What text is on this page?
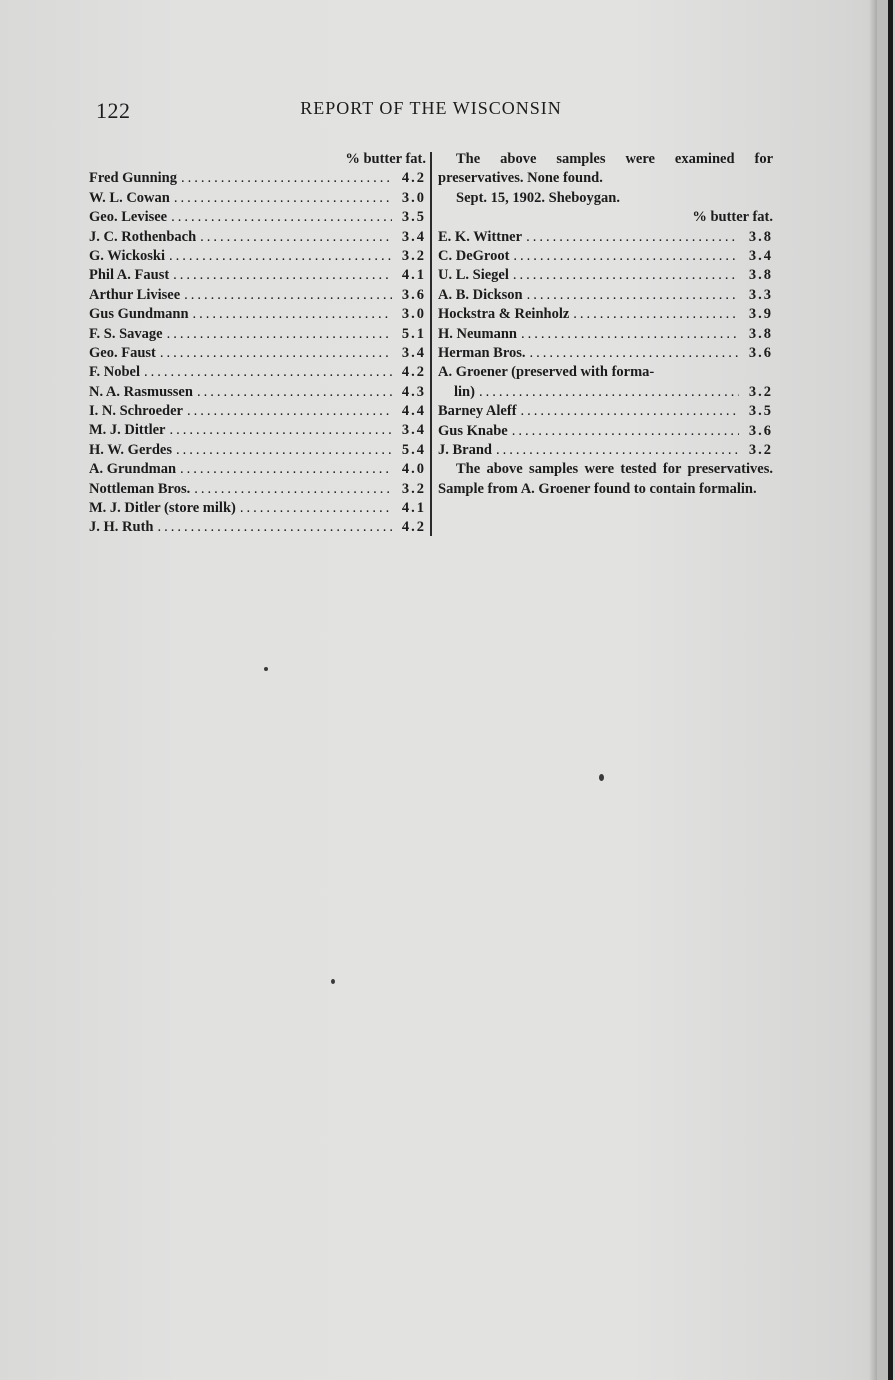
122	REPORT OF THE WISCONSIN
% butter fat.
Fred Gunning .....	4.2
W. L. Cowan .....	3.0
Geo. Levisee .....	3.5
J. C. Rothenbach .....	3.4
G. Wickoski .....	3.2
Phil A. Faust .....	4.1
Arthur Livisee .....	3.6
Gus Gundmann .....	3.0
F. S. Savage .....	5.1
Geo. Faust .....	3.4
F. Nobel .....	4.2
N. A. Rasmussen .....	4.3
I. N. Schroeder .....	4.4
M. J. Dittler .....	3.4
H. W. Gerdes .....	5.4
A. Grundman .....	4.0
Nottleman Bros. .....	3.2
M. J. Ditler (store milk) .....	4.1
J. H. Ruth .....	4.2

The above samples were examined for preservatives. None found.

Sept. 15, 1902. Sheboygan.
% butter fat.
E. K. Wittner .....	3.8
C. DeGroot .....	3.4
U. L. Siegel .....	3.8
A. B. Dickson .....	3.3
Hockstra & Reinholz .....	3.9
H. Neumann .....	3.8
Herman Bros. .....	3.6
A. Groener (preserved with forma-
lin) .....	3.2
Barney Aleff .....	3.5
Gus Knabe .....	3.6
J. Brand .....	3.2

The above samples were tested for preservatives. Sample from A. Groener found to contain formalin.
